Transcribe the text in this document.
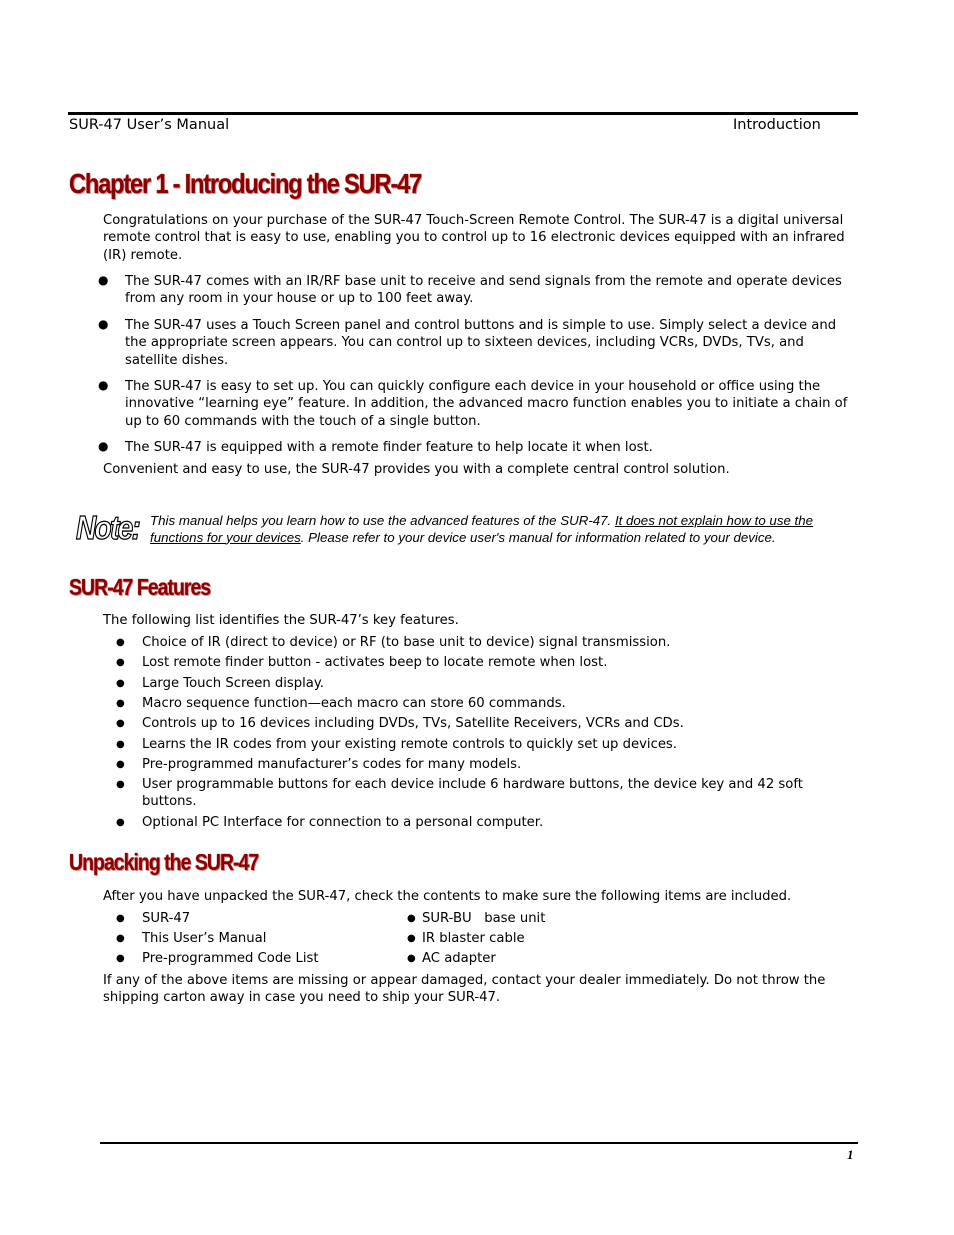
SUR-47 User’s Manual	Introduction
Chapter 1 - Introducing the SUR-47

Congratulations on your purchase of the SUR-47 Touch-Screen Remote Control. The SUR-47 is a digital universal remote control that is easy to use, enabling you to control up to 16 electronic devices equipped with an infrared (IR) remote.

● The SUR-47 comes with an IR/RF base unit to receive and send signals from the remote and operate devices from any room in your house or up to 100 feet away.
● The SUR-47 uses a Touch Screen panel and control buttons and is simple to use. Simply select a device and the appropriate screen appears. You can control up to sixteen devices, including VCRs, DVDs, TVs, and satellite dishes.
● The SUR-47 is easy to set up. You can quickly configure each device in your household or office using the innovative “learning eye” feature. In addition, the advanced macro function enables you to initiate a chain of up to 60 commands with the touch of a single button.
● The SUR-47 is equipped with a remote finder feature to help locate it when lost.

Convenient and easy to use, the SUR-47 provides you with a complete central control solution.

Note: This manual helps you learn how to use the advanced features of the SUR-47. It does not explain how to use the functions for your devices. Please refer to your device user's manual for information related to your device.

SUR-47 Features

The following list identifies the SUR-47’s key features.

● Choice of IR (direct to device) or RF (to base unit to device) signal transmission.
● Lost remote finder button - activates beep to locate remote when lost.
● Large Touch Screen display.
● Macro sequence function—each macro can store 60 commands.
● Controls up to 16 devices including DVDs, TVs, Satellite Receivers, VCRs and CDs.
● Learns the IR codes from your existing remote controls to quickly set up devices.
● Pre-programmed manufacturer’s codes for many models.
● User programmable buttons for each device include 6 hardware buttons, the device key and 42 soft buttons.
● Optional PC Interface for connection to a personal computer.
Unpacking the SUR-47

After you have unpacked the SUR-47, check the contents to make sure the following items are included.

● SUR-47
● This User’s Manual
● Pre-programmed Code List
● SUR-BU   base unit
● IR blaster cable
● AC adapter

If any of the above items are missing or appear damaged, contact your dealer immediately. Do not throw the shipping carton away in case you need to ship your SUR-47.

1
